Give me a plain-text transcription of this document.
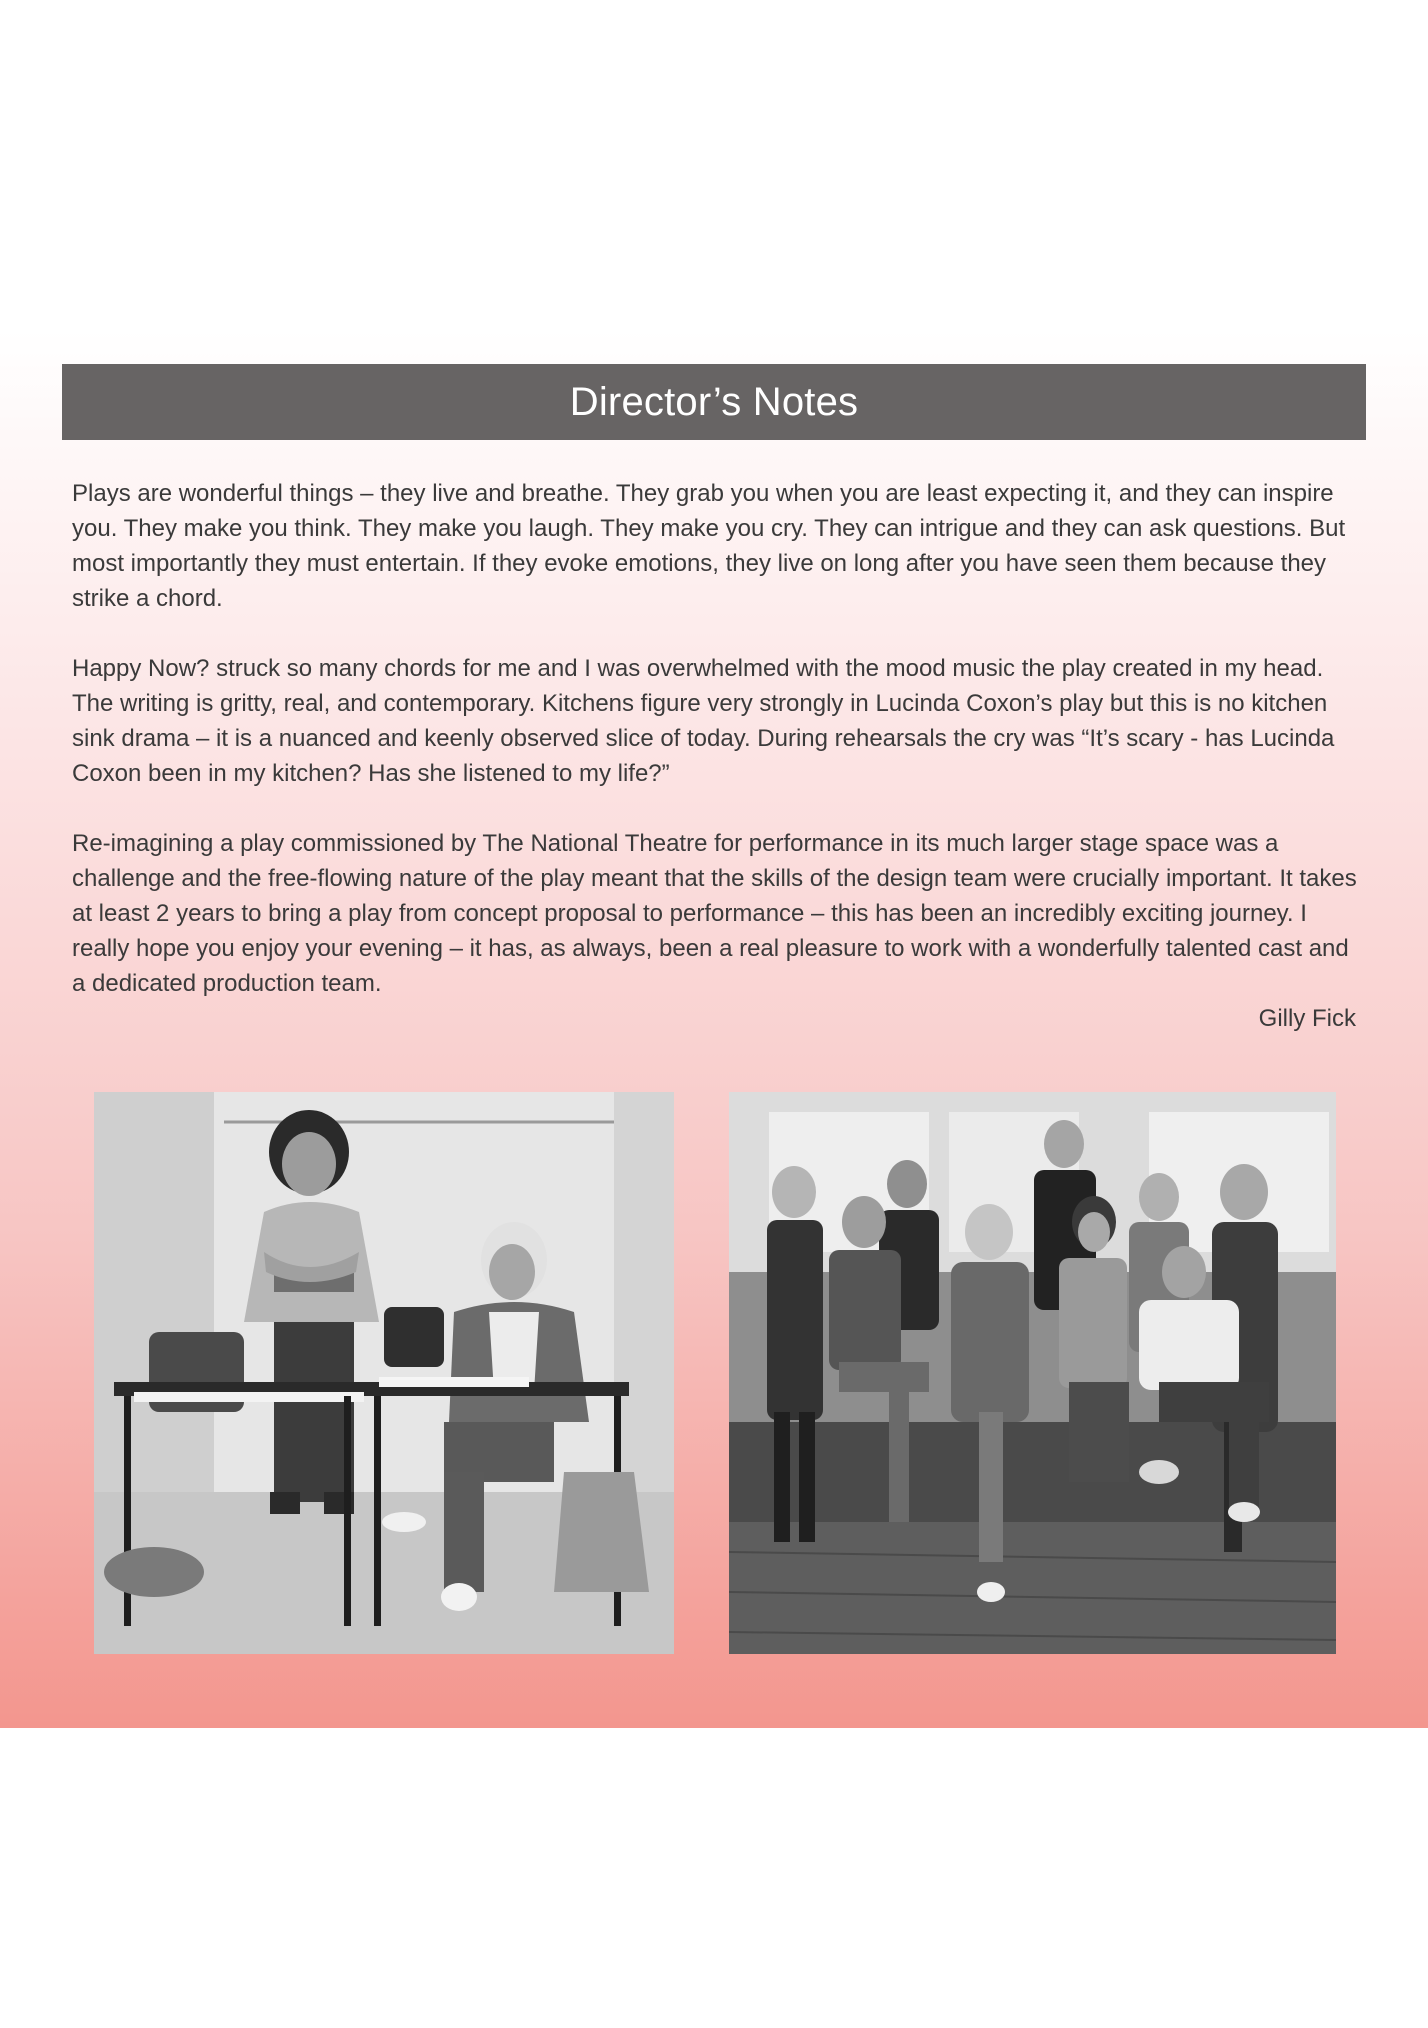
Director’s Notes

Plays are wonderful things – they live and breathe. They grab you when you are least expecting it, and they can inspire you. They make you think. They make you laugh. They make you cry. They can intrigue and they can ask questions. But most importantly they must entertain. If they evoke emotions, they live on long after you have seen them because they strike a chord.

Happy Now? struck so many chords for me and I was overwhelmed with the mood music the play created in my head. The writing is gritty, real, and contemporary. Kitchens figure very strongly in Lucinda Coxon’s play but this is no kitchen sink drama – it is a nuanced and keenly observed slice of today. During rehearsals the cry was “It’s scary - has Lucinda Coxon been in my kitchen? Has she listened to my life?”

Re-imagining a play commissioned by The National Theatre for performance in its much larger stage space was a challenge and the free-flowing nature of the play meant that the skills of the design team were crucially important. It takes at least 2 years to bring a play from concept proposal to performance – this has been an incredibly exciting journey. I really hope you enjoy your evening – it has, as always, been a real pleasure to work with a wonderfully talented cast and a dedicated production team.

Gilly Fick
